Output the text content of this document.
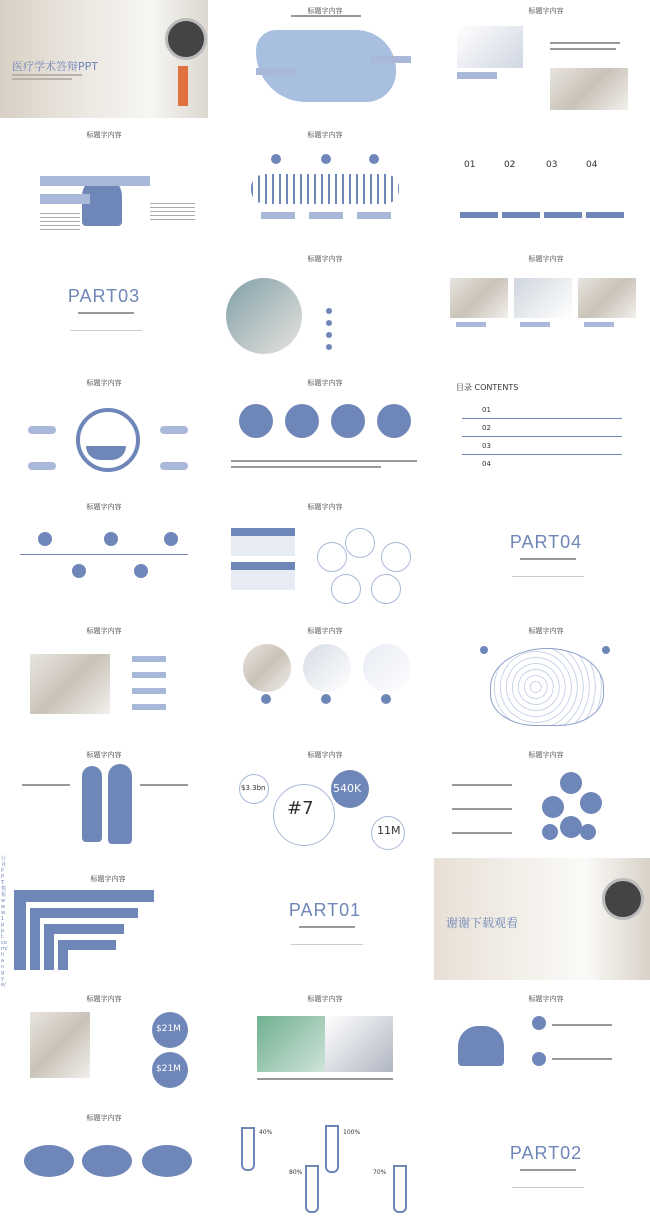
医疗学术答辩PPT
标题字内容	标题字内容
标题字内容	标题字内容
01	02	03	04
PART03
标题字内容	标题字内容
标题字内容	标题字内容	目录 CONTENTS
01
02
03
04
标题字内容	标题字内容
PART04
标题字内容	标题字内容	标题字内容
标题字内容	标题字内容
$3.3bn
#7
540K
11M
标题字内容
行业PPT模板www.1ppt.com/hangye/
标题字内容
PART01
谢谢下载观看
标题字内容
$21M
$21M
标题字内容	标题字内容
标题字内容
40%	100%
80%	70%
PART02
